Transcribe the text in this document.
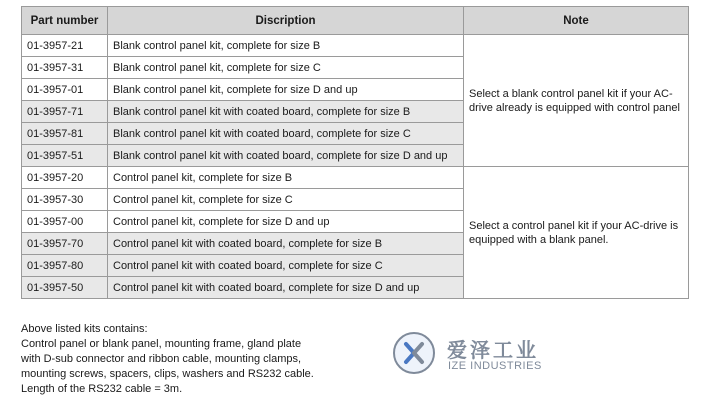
Part number	Discription	Note
01-3957-21	Blank control panel kit, complete for size B	Select a blank control panel kit if your AC-drive already is equipped with control panel
01-3957-31	Blank control panel kit, complete for size C	
01-3957-01	Blank control panel kit, complete for size D and up	
01-3957-71	Blank control panel kit with coated board, complete for size B	
01-3957-81	Blank control panel kit with coated board, complete for size C	
01-3957-51	Blank control panel kit with coated board, complete for size D and up	
01-3957-20	Control panel kit, complete for size B	Select a control panel kit if your AC-drive is equipped with a blank panel.
01-3957-30	Control panel kit, complete for size C	
01-3957-00	Control panel kit, complete for size D and up	
01-3957-70	Control panel kit with coated board, complete for size B	
01-3957-80	Control panel kit with coated board, complete for size C	
01-3957-50	Control panel kit with coated board, complete for size D and up	
Above listed kits contains:
Control panel or blank panel, mounting frame, gland plate
with D-sub connector and ribbon cable, mounting clamps,
mounting screws, spacers, clips, washers and RS232 cable.
Length of the RS232 cable = 3m.
爱泽工业
IZE INDUSTRIES
